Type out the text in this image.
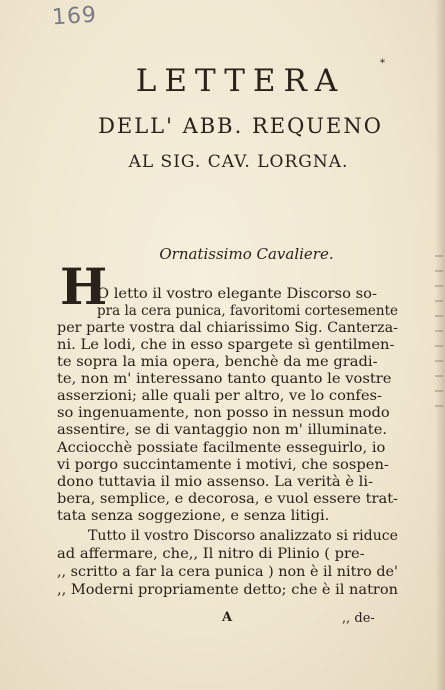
169
*
LETTERA
DELL' ABB. REQUENO
AL SIG. CAV. LORGNA.
Ornatissimo Cavaliere.
H
O letto il vostro elegante Discorso so-
pra la cera punica, favoritomi cortesemente
per parte vostra dal chiarissimo Sig. Canterza-
ni. Le lodi, che in esso spargete sì gentilmen-
te sopra la mia opera, benchè da me gradi-
te, non m' interessano tanto quanto le vostre
asserzioni; alle quali per altro, ve lo confes-
so ingenuamente, non posso in nessun modo
assentire, se di vantaggio non m' illuminate.
Acciocchè possiate facilmente esseguirlo, io
vi porgo succintamente i motivi, che sospen-
dono tuttavia il mio assenso. La verità è li-
bera, semplice, e decorosa, e vuol essere trat-
tata senza soggezione, e senza litigi.
Tutto il vostro Discorso analizzato si riduce
ad affermare, che,, Il nitro di Plinio ( pre-
,, scritto a far la cera punica ) non è il nitro de'
,, Moderni propriamente detto; che è il natron
A	,, de-
